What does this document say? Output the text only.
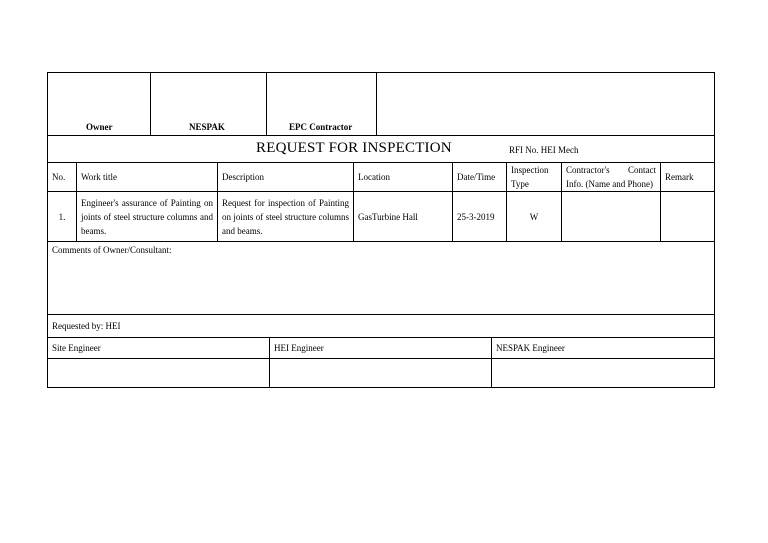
Owner	NESPAK	EPC Contractor	

REQUEST FOR INSPECTION	RFI No. HEI Mech
No.	Work title	Description	Location	Date/Time	Inspection Type	Contractor's Contact Info. (Name and Phone)	Remark
1.	Engineer's assurance of Painting on joints of steel structure columns and beams.	Request for inspection of Painting on joints of steel structure columns and beams.	GasTurbine Hall	25-3-2019	W		
Comments of Owner/Consultant:		
Requested by: HEI		
Site Engineer	HEI Engineer	NESPAK Engineer
